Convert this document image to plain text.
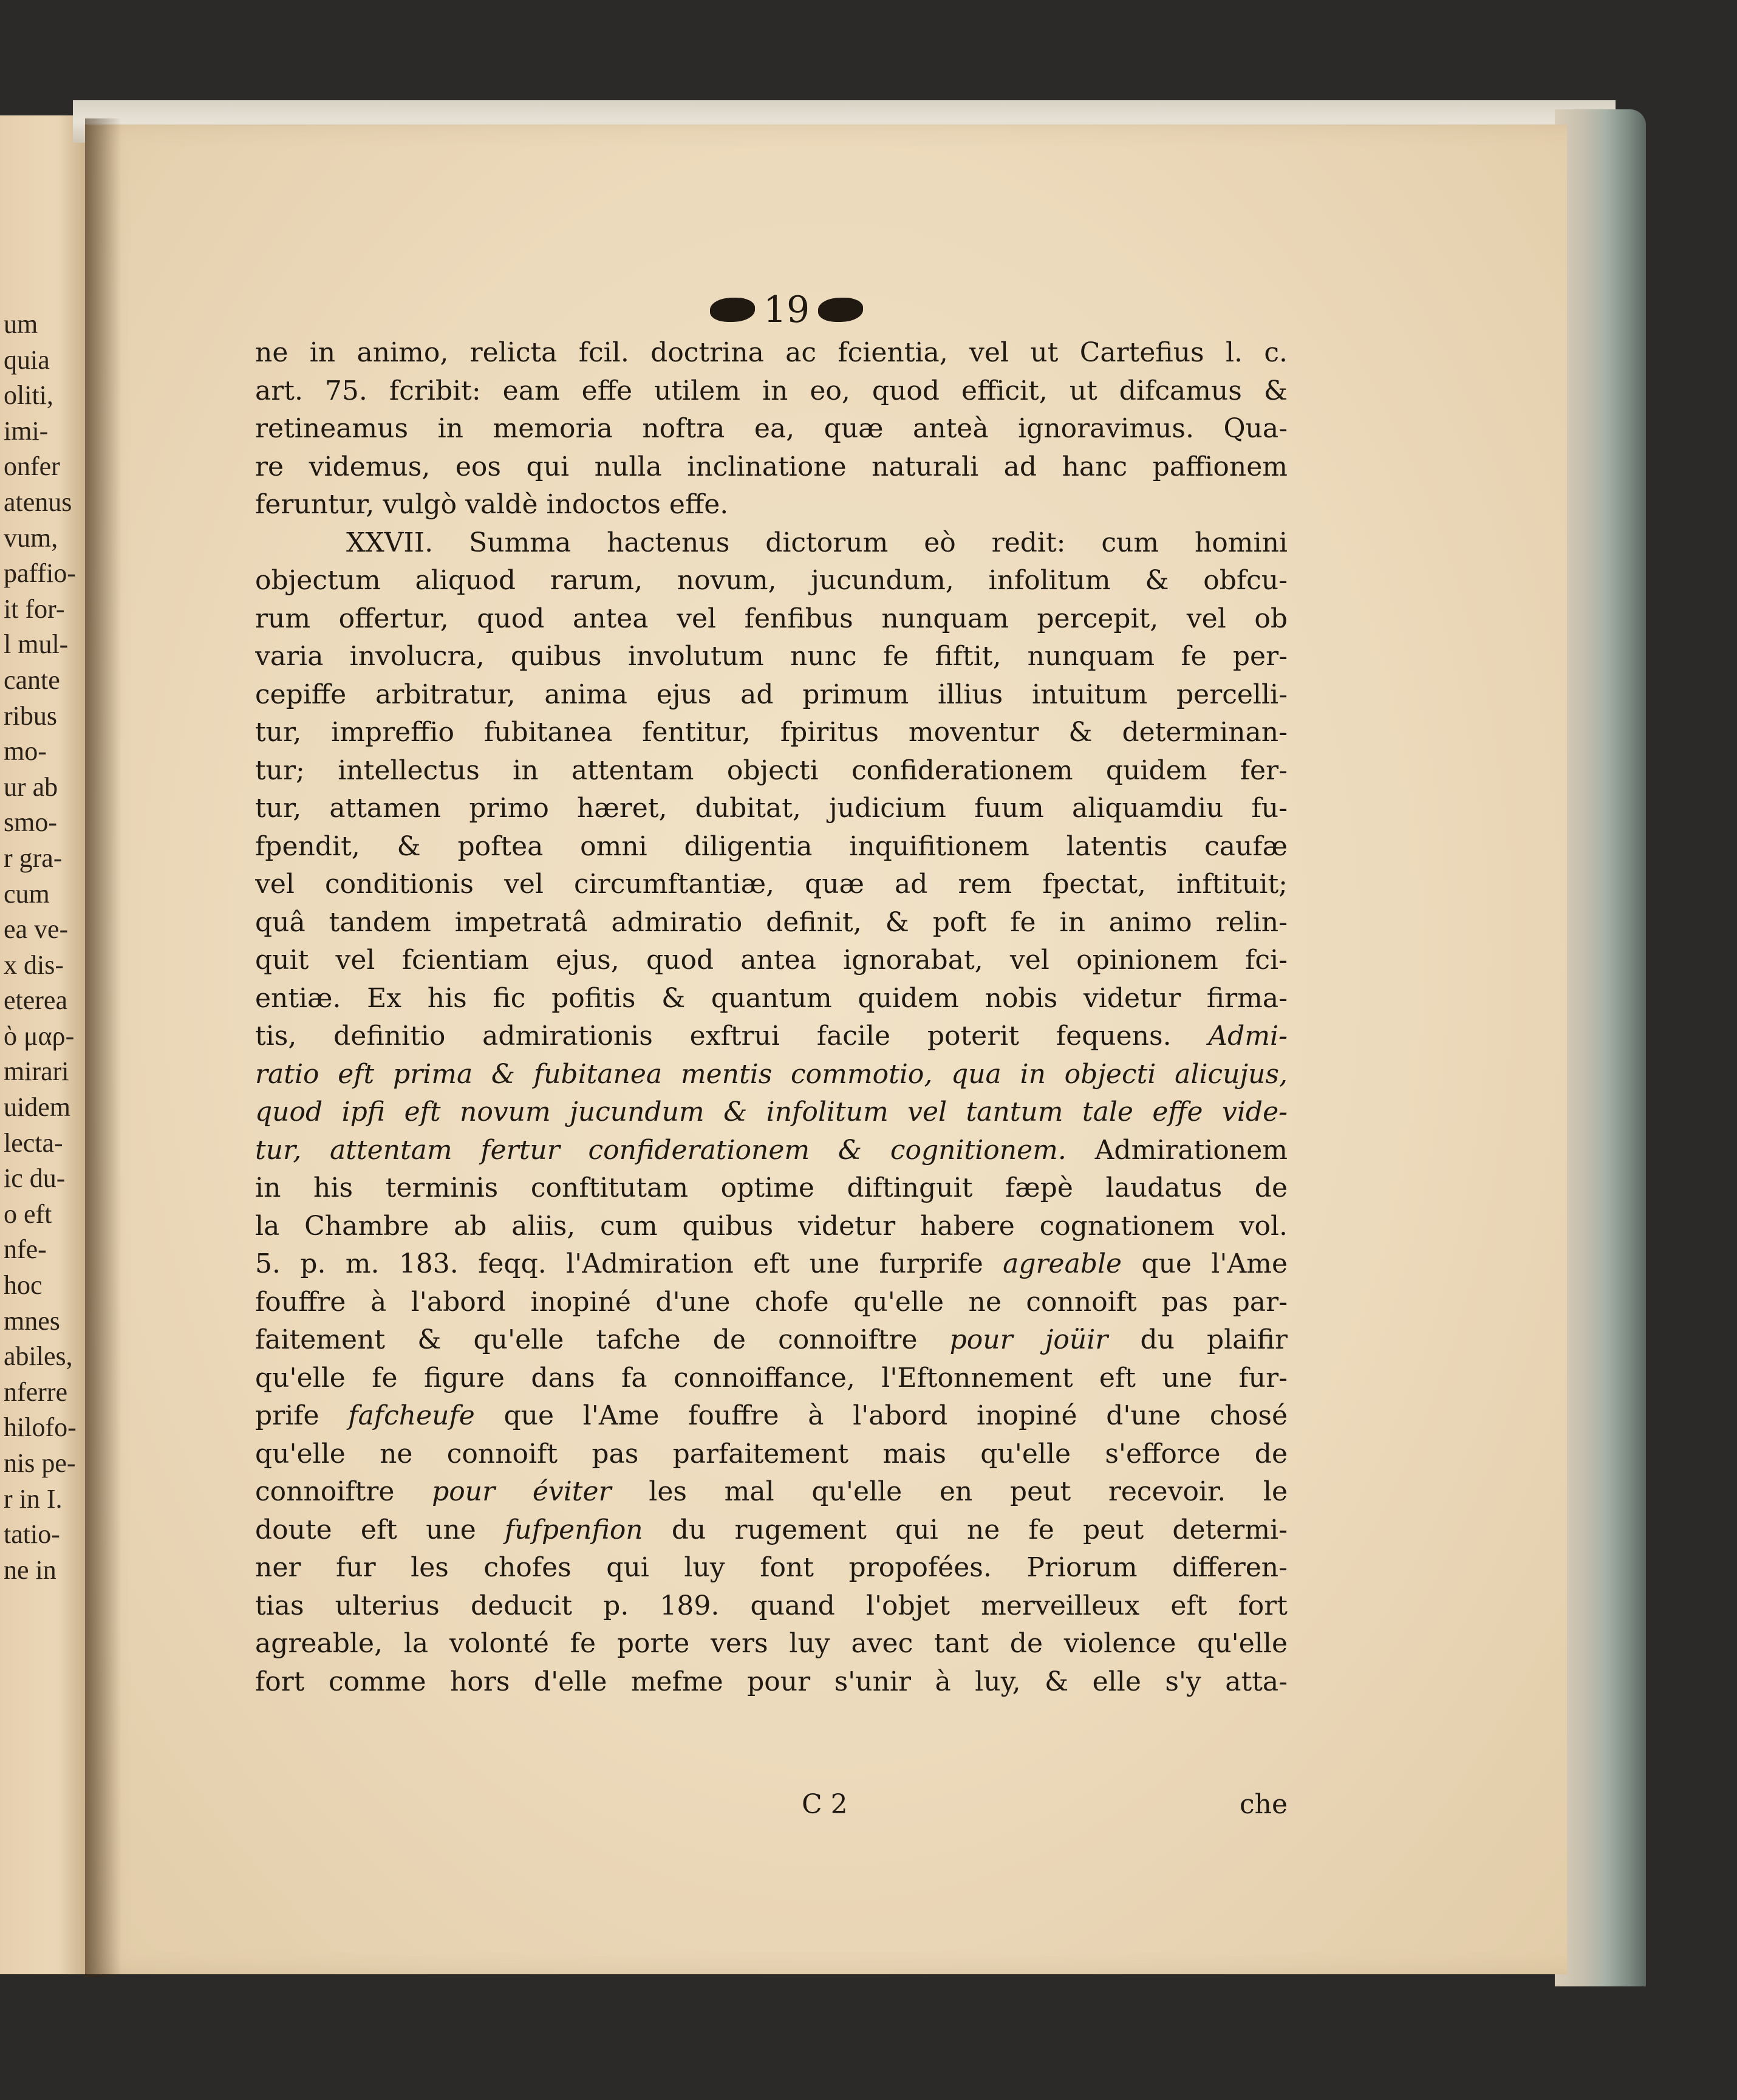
um
quia
oliti,
imi-
onfer
atenus
vum,
paffio-
it for-
l mul-
cante
ribus
mo-
ur ab
smo-
r gra-
cum
ea ve-
x dis-
eterea
ὸ μαρ-
mirari
uidem
lecta-
ic du-
o eft
nfe-
hoc
mnes
abiles,
nferre
hilofo-
nis pe-
r in I.
tatio-
ne in
19
ne in animo, relicta fcil. doctrina ac fcientia, vel ut Cartefius l. c.
art. 75. fcribit: eam effe utilem in eo, quod efficit, ut difcamus &
retineamus in memoria noftra ea, quæ anteà ignoravimus. Qua-
re videmus, eos qui nulla inclinatione naturali ad hanc paffionem
feruntur, vulgò valdè indoctos effe.
XXVII. Summa hactenus dictorum eò redit: cum homini
objectum aliquod rarum, novum, jucundum, infolitum & obfcu-
rum offertur, quod antea vel fenfibus nunquam percepit, vel ob
varia involucra, quibus involutum nunc fe fiftit, nunquam fe per-
cepiffe arbitratur, anima ejus ad primum illius intuitum percelli-
tur, impreffio fubitanea fentitur, fpiritus moventur & determinan-
tur; intellectus in attentam objecti confiderationem quidem fer-
tur, attamen primo hæret, dubitat, judicium fuum aliquamdiu fu-
fpendit, & poftea omni diligentia inquifitionem latentis caufæ
vel conditionis vel circumftantiæ, quæ ad rem fpectat, inftituit;
quâ tandem impetratâ admiratio definit, & poft fe in animo relin-
quit vel fcientiam ejus, quod antea ignorabat, vel opinionem fci-
entiæ. Ex his fic pofitis & quantum quidem nobis videtur firma-
tis, definitio admirationis exftrui facile poterit fequens. Admi-
ratio eft prima & fubitanea mentis commotio, qua in objecti alicujus,
quod ipfi eft novum jucundum & infolitum vel tantum tale effe vide-
tur, attentam fertur confiderationem & cognitionem. Admirationem
in his terminis conftitutam optime diftinguit fæpè laudatus de
la Chambre ab aliis, cum quibus videtur habere cognationem vol.
5. p. m. 183. feqq. l'Admiration eft une furprife agreable que l'Ame
fouffre à l'abord inopiné d'une chofe qu'elle ne connoift pas par-
faitement & qu'elle tafche de connoiftre pour joüir du plaifir
qu'elle fe figure dans fa connoiffance, l'Eftonnement eft une fur-
prife fafcheufe que l'Ame fouffre à l'abord inopiné d'une chosé
qu'elle ne connoift pas parfaitement mais qu'elle s'efforce de
connoiftre pour éviter les mal qu'elle en peut recevoir. le
doute eft une fufpenfion du rugement qui ne fe peut determi-
ner fur les chofes qui luy font propofées. Priorum differen-
tias ulterius deducit p. 189. quand l'objet merveilleux eft fort
agreable, la volonté fe porte vers luy avec tant de violence qu'elle
fort comme hors d'elle mefme pour s'unir à luy, & elle s'y atta-
C 2	che
